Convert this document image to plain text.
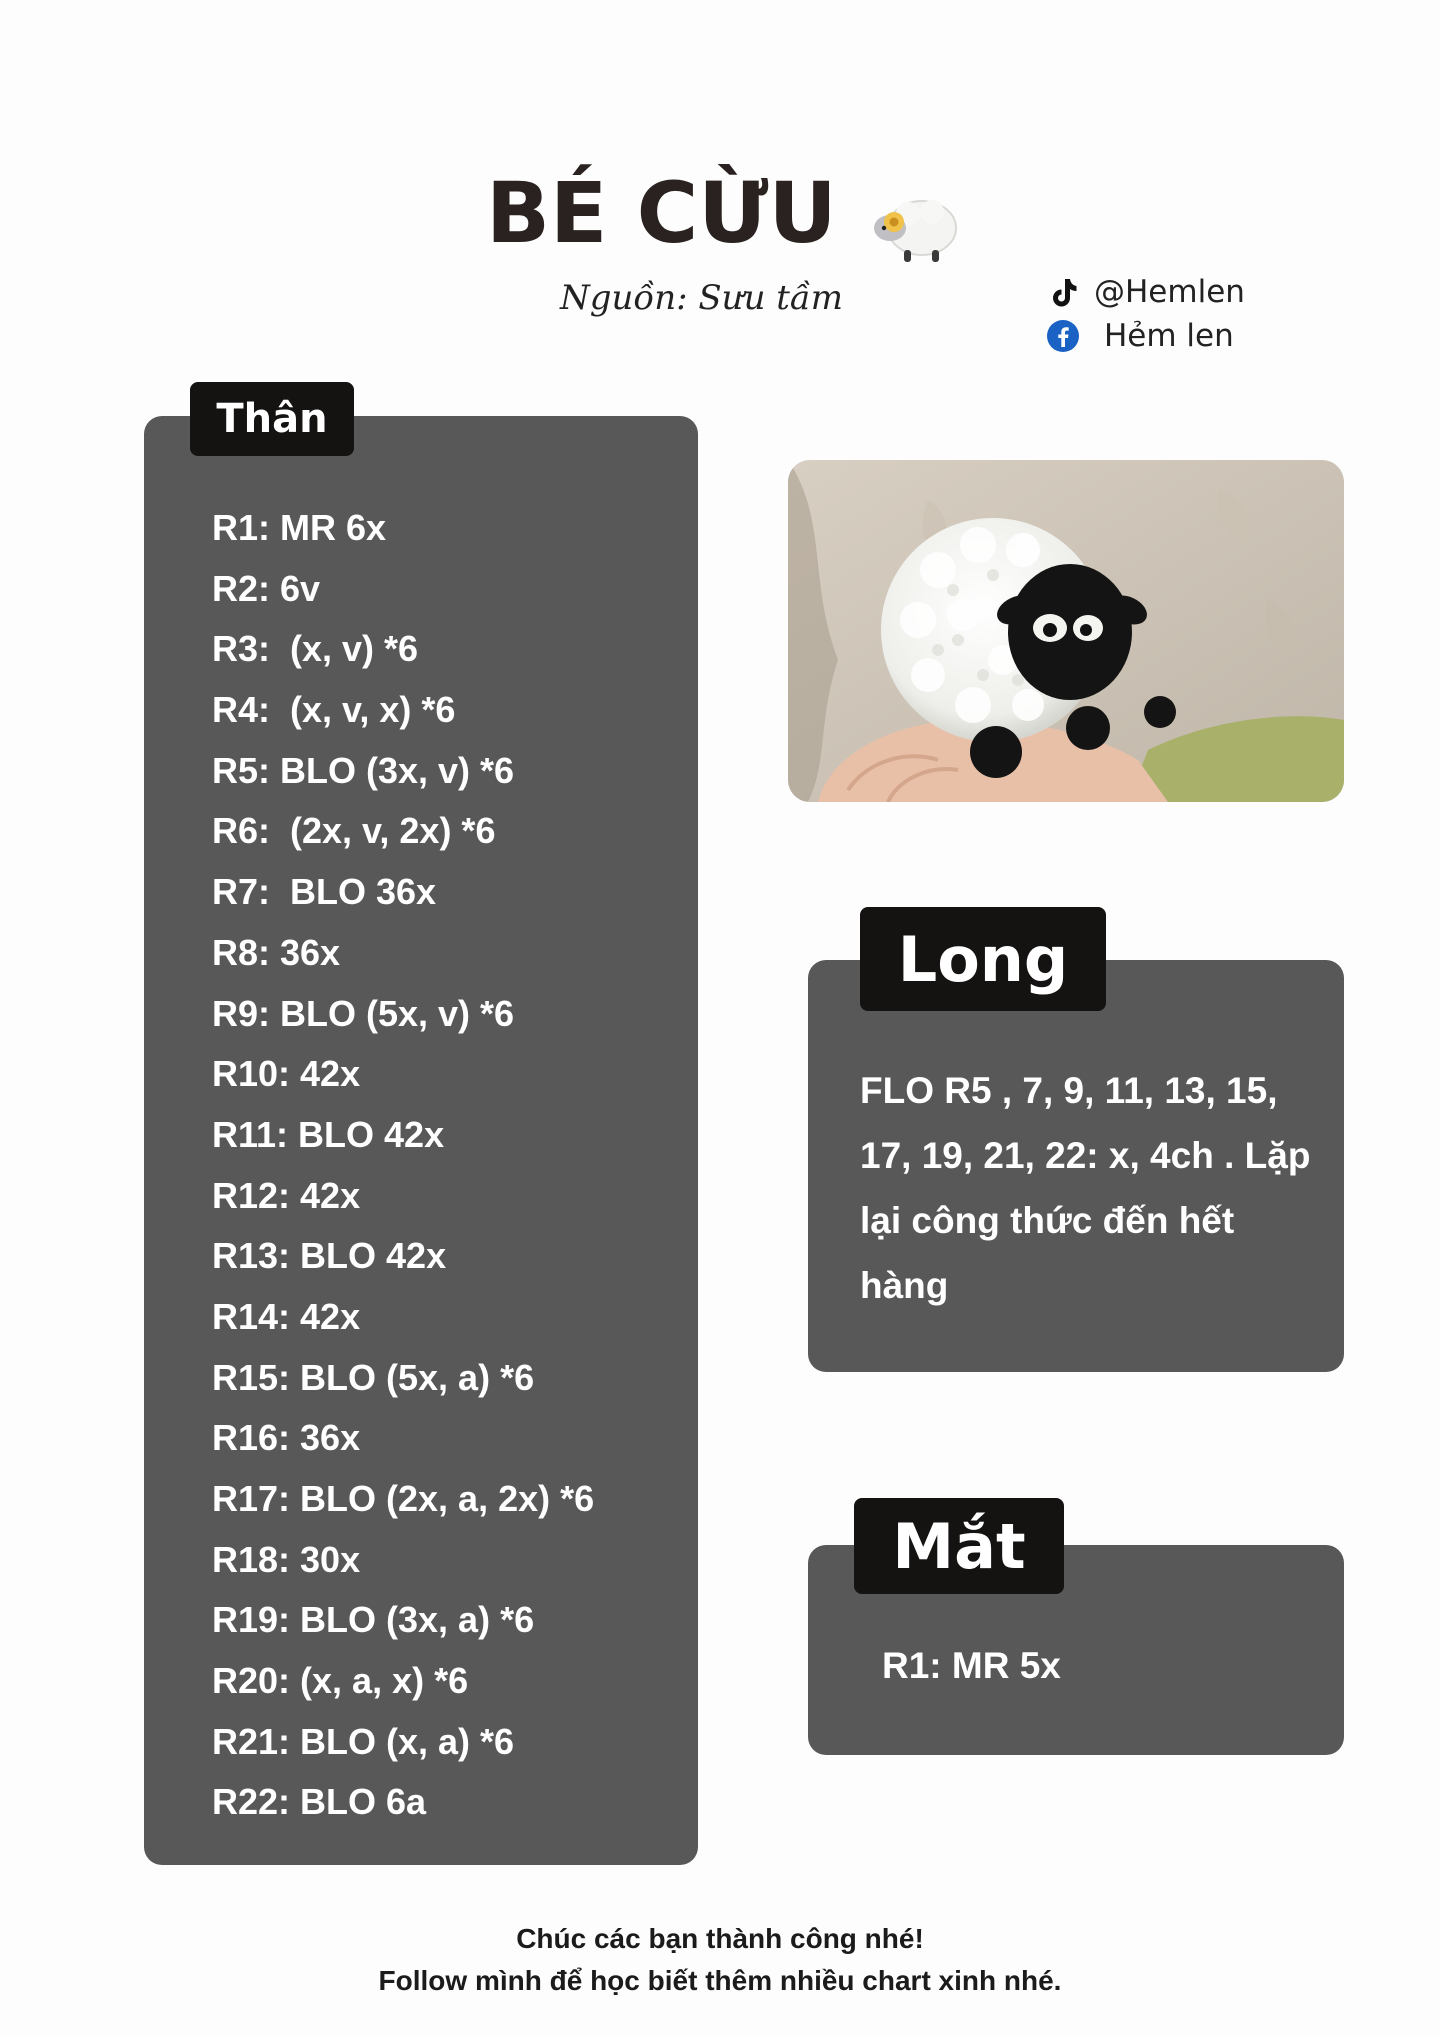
BÉ CỪU
Nguồn: Sưu tầm	@Hemlen
Hẻm len
R1: MR 6x
R2: 6v
R3:  (x, v) *6
R4:  (x, v, x) *6
R5: BLO (3x, v) *6
R6:  (2x, v, 2x) *6
R7:  BLO 36x
R8: 36x
R9: BLO (5x, v) *6
R10: 42x
R11: BLO 42x
R12: 42x
R13: BLO 42x
R14: 42x
R15: BLO (5x, a) *6
R16: 36x
R17: BLO (2x, a, 2x) *6
R18: 30x
R19: BLO (3x, a) *6
R20: (x, a, x) *6
R21: BLO (x, a) *6
R22: BLO 6a
Thân
FLO R5 , 7, 9, 11, 13, 15, 17, 19, 21, 22: x, 4ch . Lặp lại công thức đến hết hàng
Long
R1: MR 5x
Mắt
Chúc các bạn thành công nhé!
Follow mình để học biết thêm nhiều chart xinh nhé.
